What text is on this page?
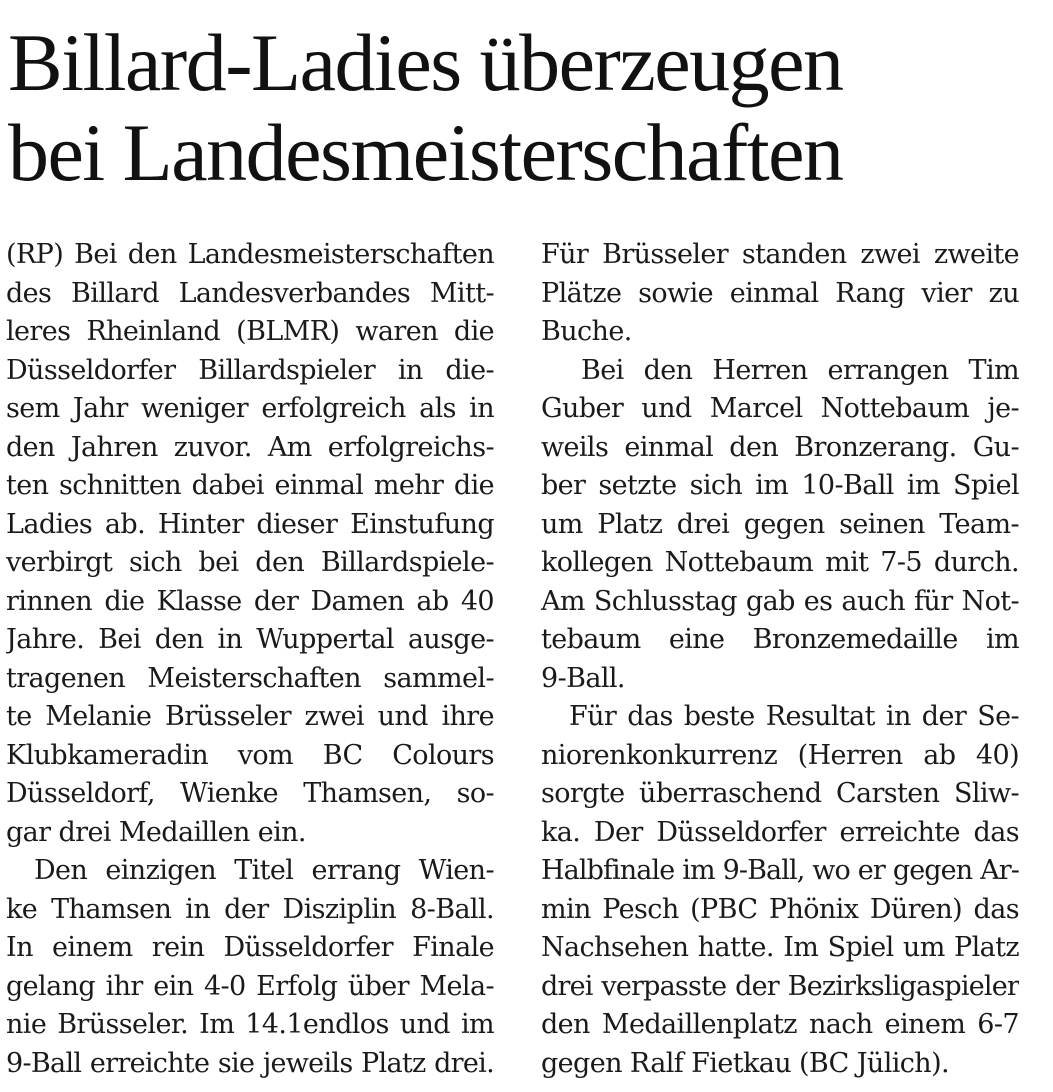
Billard-Ladies überzeugen
bei Landesmeisterschaften
(RP) Bei den Landesmeisterschaften
des Billard Landesverbandes Mitt-
leres Rheinland (BLMR) waren die
Düsseldorfer Billardspieler in die-
sem Jahr weniger erfolgreich als in
den Jahren zuvor. Am erfolgreichs-
ten schnitten dabei einmal mehr die
Ladies ab. Hinter dieser Einstufung
verbirgt sich bei den Billardspiele-
rinnen die Klasse der Damen ab 40
Jahre. Bei den in Wuppertal ausge-
tragenen Meisterschaften sammel-
te Melanie Brüsseler zwei und ihre
Klubkameradin vom BC Colours
Düsseldorf, Wienke Thamsen, so-
gar drei Medaillen ein.
Den einzigen Titel errang Wien-
ke Thamsen in der Disziplin 8-Ball.
In einem rein Düsseldorfer Finale
gelang ihr ein 4-0 Erfolg über Mela-
nie Brüsseler. Im 14.1endlos und im
9-Ball erreichte sie jeweils Platz drei.
Für Brüsseler standen zwei zweite
Plätze sowie einmal Rang vier zu
Buche.
Bei den Herren errangen Tim
Guber und Marcel Nottebaum je-
weils einmal den Bronzerang. Gu-
ber setzte sich im 10-Ball im Spiel
um Platz drei gegen seinen Team-
kollegen Nottebaum mit 7-5 durch.
Am Schlusstag gab es auch für Not-
tebaum eine Bronzemedaille im
9-Ball.
Für das beste Resultat in der Se-
niorenkonkurrenz (Herren ab 40)
sorgte überraschend Carsten Sliw-
ka. Der Düsseldorfer erreichte das
Halbfinale im 9-Ball, wo er gegen Ar-
min Pesch (PBC Phönix Düren) das
Nachsehen hatte. Im Spiel um Platz
drei verpasste der Bezirksligaspieler
den Medaillenplatz nach einem 6-7
gegen Ralf Fietkau (BC Jülich).
